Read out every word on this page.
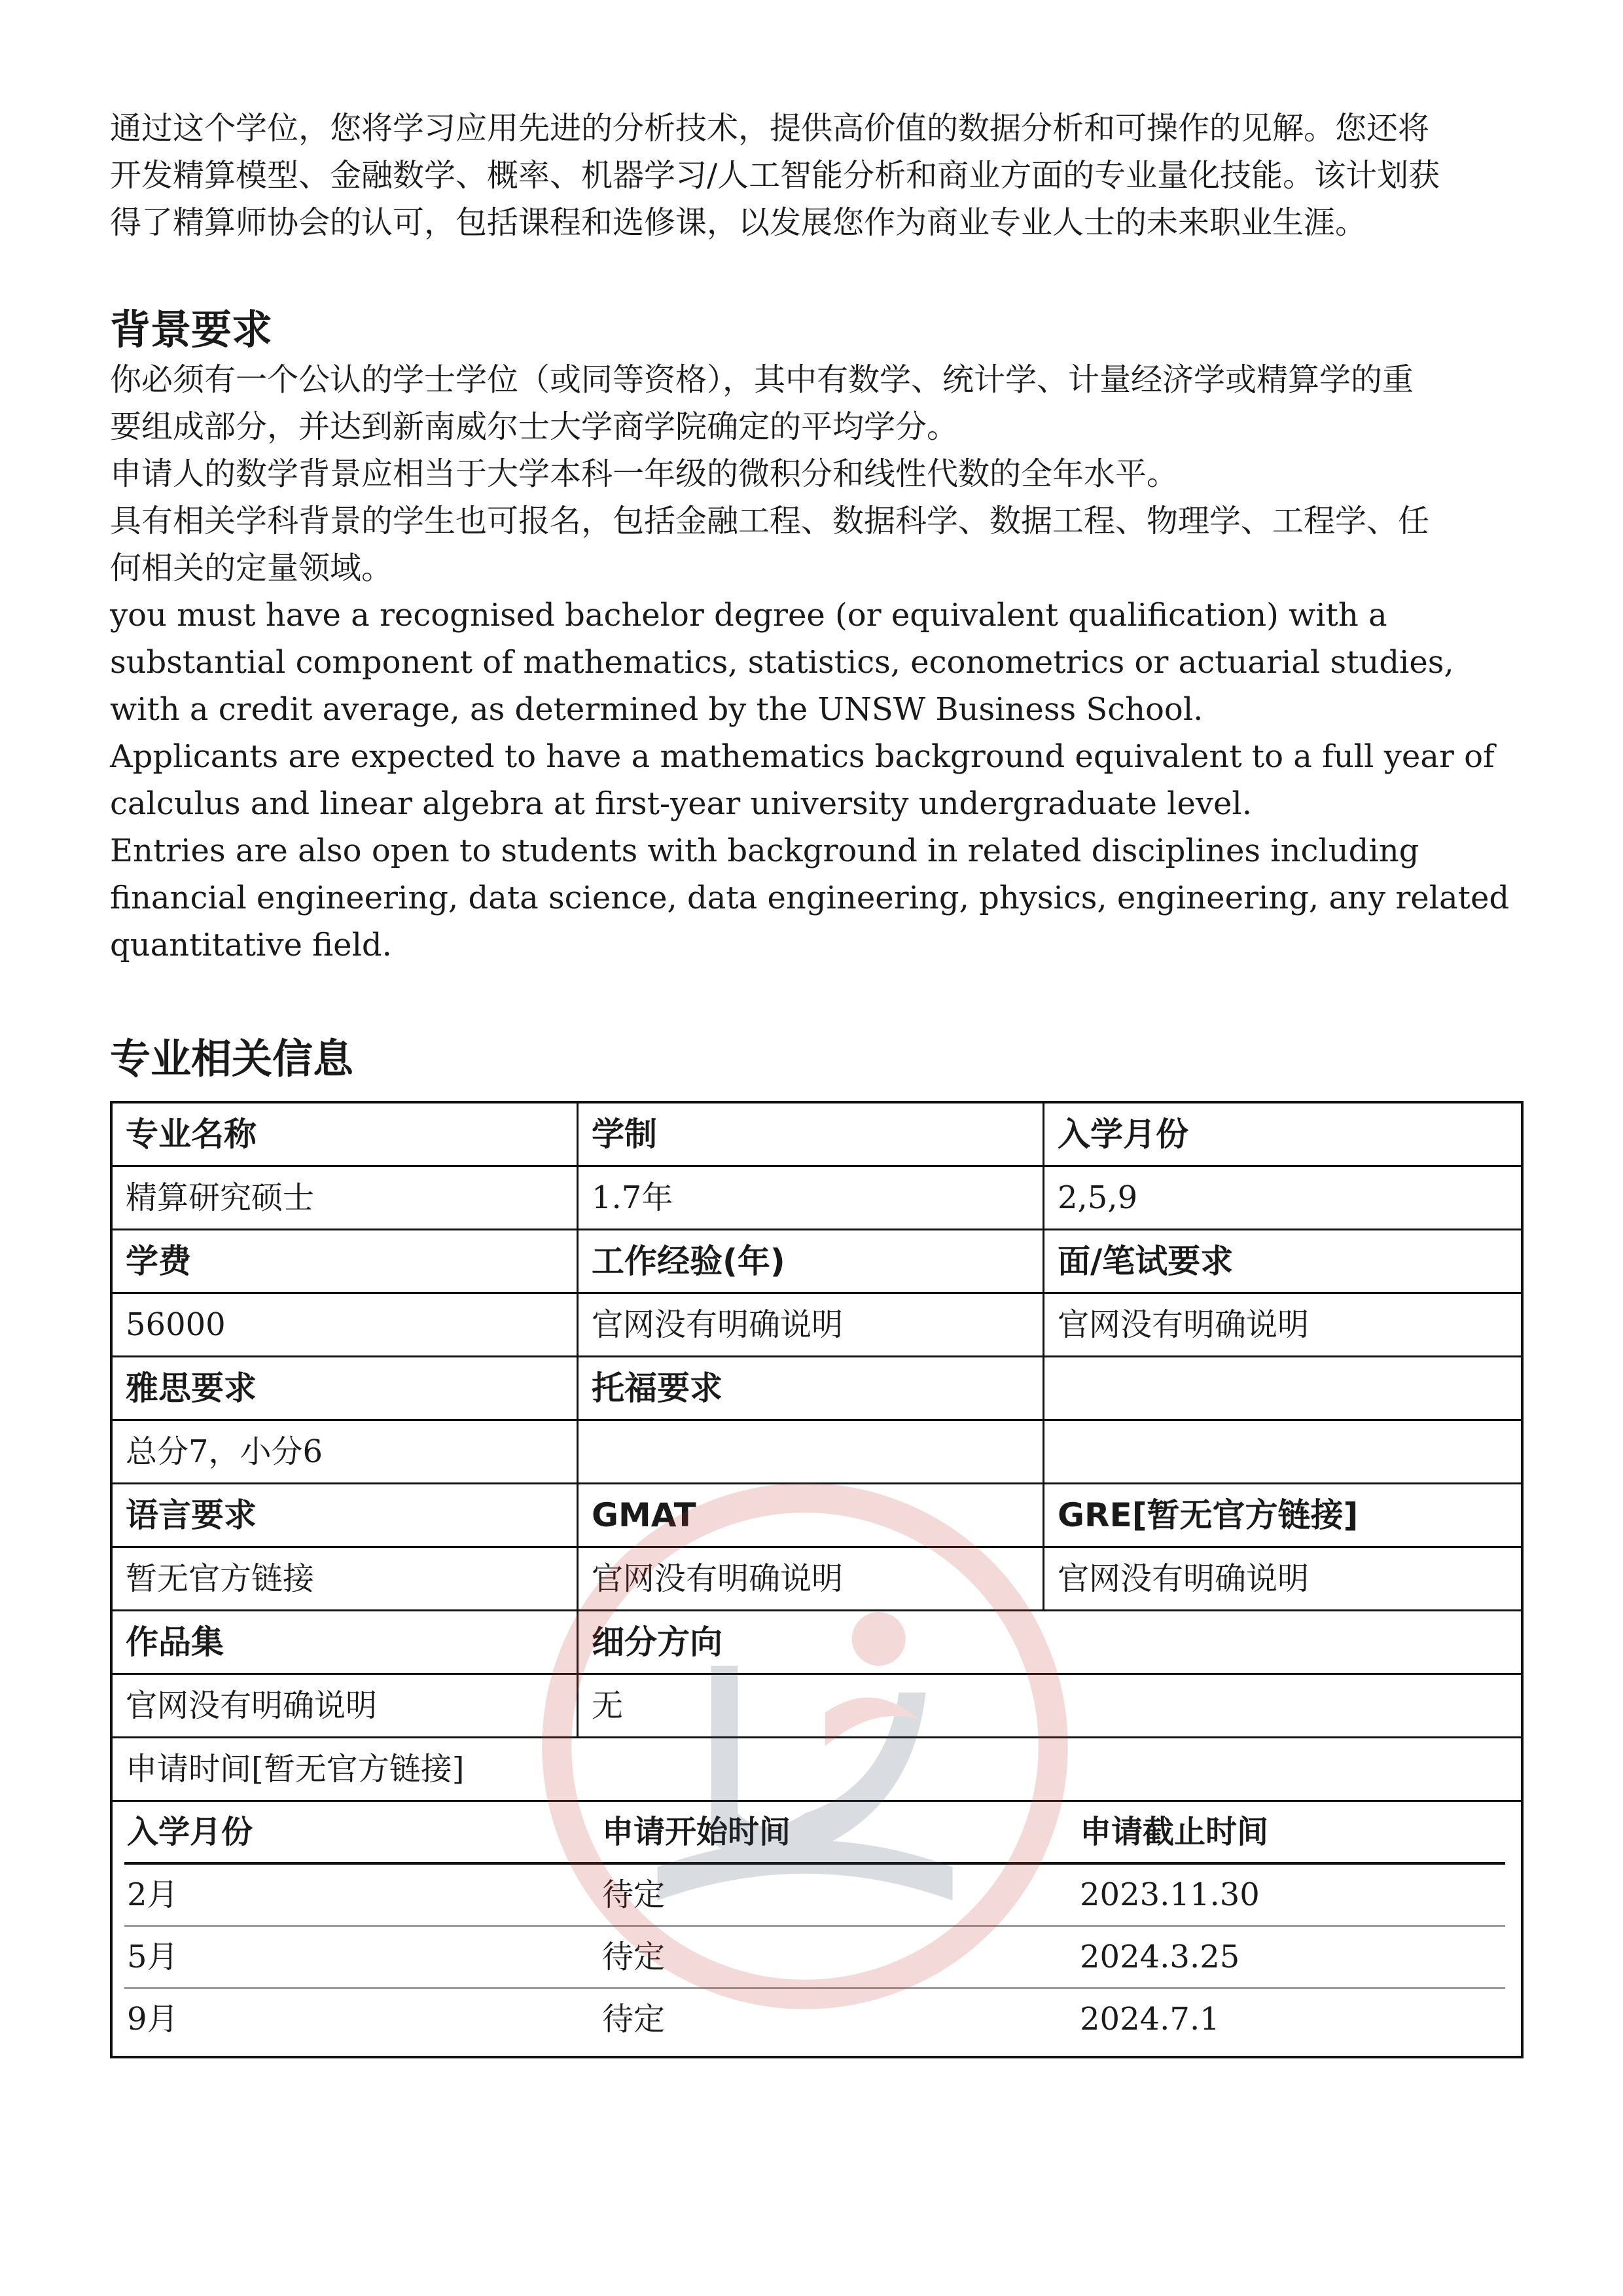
通过这个学位，您将学习应用先进的分析技术，提供高价值的数据分析和可操作的见解。您还将

开发精算模型、金融数学、概率、机器学习/人工智能分析和商业方面的专业量化技能。该计划获

得了精算师协会的认可，包括课程和选修课，以发展您作为商业专业人士的未来职业生涯。

背景要求

你必须有一个公认的学士学位（或同等资格），其中有数学、统计学、计量经济学或精算学的重

要组成部分，并达到新南威尔士大学商学院确定的平均学分。

申请人的数学背景应相当于大学本科一年级的微积分和线性代数的全年水平。

具有相关学科背景的学生也可报名，包括金融工程、数据科学、数据工程、物理学、工程学、任

何相关的定量领域。

you must have a recognised bachelor degree (or equivalent qualification) with a

substantial component of mathematics, statistics, econometrics or actuarial studies,

with a credit average, as determined by the UNSW Business School.

Applicants are expected to have a mathematics background equivalent to a full year of

calculus and linear algebra at first-year university undergraduate level.

Entries are also open to students with background in related disciplines including

financial engineering, data science, data engineering, physics, engineering, any related

quantitative field.

专业相关信息
专业名称	学制	入学月份
精算研究硕士	1.7年	2,5,9
学费	工作经验(年)	面/笔试要求
56000	官网没有明确说明	官网没有明确说明
雅思要求	托福要求
总分7，小分6
语言要求	GMAT	GRE[暂无官方链接]
暂无官方链接	官网没有明确说明	官网没有明确说明
作品集	细分方向
官网没有明确说明	无
申请时间[暂无官方链接]
入学月份	申请开始时间	申请截止时间
2月	待定	2023.11.30
5月	待定	2024.3.25
9月	待定	2024.7.1
